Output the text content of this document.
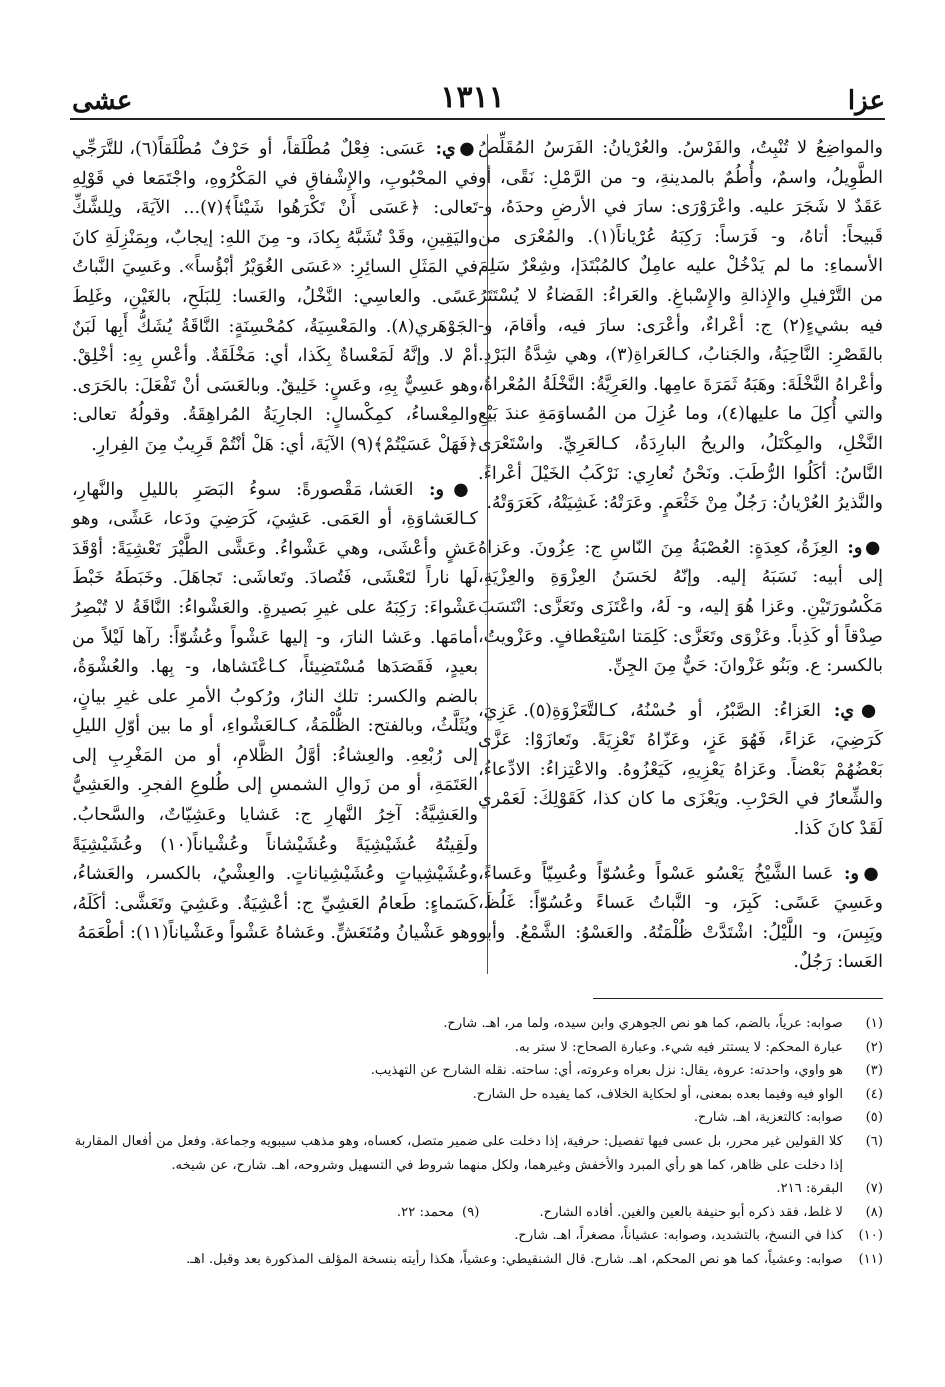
عزا
١٣١١
عشى

والمواضِعُ لا تُنْبِتُ، والفَرْسُ. والعُرْيانُ: الفَرَسُ المُقَلِّصُ الطَّوِيلُ، واسمٌ، وأُطُمٌ بالمدينةِ، و- من الرَّمْلِ: نَقًى، أو عَقَدٌ لا شَجَرَ عليه. واعْرَوْرَى: سارَ في الأرضِ وحدَهُ، و- قَبيحاً: أتاهُ، و- فَرَساً: رَكِبَهُ عُرْياناً(١). والمُعْرَى من الأسماءِ: ما لم يَدْخُلْ عليه عامِلٌ كالمُبْتَدَإ، وشِعْرٌ سَلِمَ من التَّرْفيلِ والإِذالةِ والإِسْباغِ. والعَراءُ: الفَضاءُ لا يُسْتَتَرُ فيه بشيءٍ(٢) ج: أعْراءٌ، وأعْرَى: سارَ فيه، وأقامَ، و- بالقَصْرِ: النَّاحِيَةُ، والجَنابُ، كـالعَراةِ(٣)، وهي شِدَّةُ البَرْدِ. وأعْراهُ النَّخْلَةَ: وهَبَهُ ثَمَرَةَ عامِها. والعَرِيَّةُ: النَّخْلَةُ المُعْراةُ، والتي أُكِلَ ما عليها(٤)، وما عُزِلَ من المُساوَمَةِ عندَ بَيْعِ النَّخْلِ، والمِكْتَلُ، والريحُ البارِدَةُ، كـالعَرِيِّ. واسْتَعْرَى النَّاسُ: أكَلُوا الرُّطَبَ. ونَحْنُ نُعارِي: نَرْكَبُ الخَيْلَ أعْراءً. والنَّذيرُ العُرْيانُ: رَجُلٌ مِنْ خَثْعَمٍ. وعَرَتْهُ: غَشِيَتْهُ، كَعَرَوَتْهُ.

●و: العِزَةُ، كعِدَةٍ: العُصْبَةُ مِنَ النّاسِ ج: عِزُونَ. وعَزاهُ إلى أبيه: نَسَبَهُ إليه. وإنّهُ لحَسَنُ العِزْوَةِ والعِزْيَةِ، مَكْسُورَتَيْنِ. وعَزا هُوَ إليه، و- لَهُ، واعْتَزَى وتَعَزَّى: انْتَسَبَ صِدْقاً أو كَذِباً. وعَزْوَى وتَعَزَّى: كَلِمَتا اسْتِعْطافٍ. وعَزْويتُ، بالكسر: ع. وبَنُو عَزْوانَ: حَيٌّ مِنَ الجِنِّ.

●ي: العَزاءُ: الصَّبْرُ، أو حُسْنُهُ، كـالتَّعَزْوَةِ(٥). عَزِيَ، كَرَضِيَ، عَزاءً، فَهُوَ عَزٍ، وعَزّاهُ تَعْزِيَةً. وتَعازَوْا: عَزَّى بَعْضُهُمْ بَعْضاً. وعَزاهُ يَعْزِيهِ، كَيَعْزُوهُ. والاعْتِزاءُ: الادِّعاءُ، والشِّعارُ في الحَرْبِ. ويَعْزَى ما كان كذا، كَقَوْلِكَ: لَعَمْري لَقَدْ كانَ كَذا.

●و: عَسا الشَّيْخُ يَعْسُو عَسْواً وعُسُوّاً وعُسِيّاً وعَساءً، وعَسِيَ عَسًى: كَبِرَ، و- النَّباتُ عَساءً وعُسُوّاً: غَلُظَ، ويَبِسَ، و- اللَّيْلُ: اشْتَدَّتْ ظُلْمَتُهُ. والعَسْوُ: الشَّمْعُ. وأبو العَسا: رَجُلٌ.

●ي: عَسَى: فِعْلٌ مُطْلَقاً، أو حَرْفٌ مُطْلَقاً(٦)، للتَّرَجِّي في المحْبُوبِ، والإِشْفاقِ في المَكْرُوهِ، واجْتَمَعا في قَوْلِهِ تَعالى: ﴿عَسَى أَنْ تَكْرَهُوا شَيْئاً﴾(٧)... الآيَةَ، ولِلشَّكِّ واليَقِينِ، وقَدْ تُشَبَّهُ بِكادَ، و- مِنَ اللهِ: إيجابٌ، وبِمَنْزِلَةِ كانَ في المَثَلِ السائِرِ: «عَسَى الغُوَيْرُ أبْؤُساً». وعَسِيَ النَّباتُ عَسًى. والعاسِي: النَّخْلُ، والعَسا: لِلبَلَحِ، بالغَيْنِ، وغَلِطَ الجَوْهَري(٨). والمَعْسِيَةُ، كمُحْسِنَةٍ: النَّاقَةُ يُشَكُّ أَبِها لَبَنٌ أمْ لا. وإنَّهُ لَمَعْساةٌ بِكَذا، أي: مَخْلَقَةٌ. وأعْسِ بِهِ: أخْلِقْ. وهو عَسِيٌّ بِهِ، وعَسٍ: خَلِيقٌ. وبالعَسَى أنْ تَفْعَلَ: بالحَرَى. والمِعْساءُ، كمِكْسالٍ: الجارِيَةُ المُراهِقَةُ. وقولُهُ تعالى: ﴿فَهَلْ عَسَيْتُمْ﴾(٩) الآيَةَ، أي: هَلْ أنْتُمْ قَرِيبٌ مِنَ الفِرارِ.

●و: العَشا، مَقْصورةً: سوءُ البَصَرِ بالليلِ والنَّهارِ، كـالعَشاوَةِ، أو العَمَى. عَشِيَ، كَرَضِيَ ودَعا، عَشًى، وهو عَشٍ وأعْشَى، وهي عَشْواءُ. وعَشَّى الطَّيْرَ تَعْشِيَةً: أوْقَدَ لَها ناراً لتَعْشَى، فَتُصادَ. وتَعاشَى: تَجاهَلَ. وخَبَطَهُ خَبْطَ عَشْواءَ: رَكِبَهُ على غيرِ بَصيرةٍ. والعَشْواءُ: النَّاقَةُ لا تُبْصِرُ أمامَها. وعَشا النارَ، و- إليها عَشْواً وعُشُوّاً: رآها لَيْلاً من بعيدٍ، فَقَصَدَها مُسْتَضِيئاً، كـاعْتَشاها، و- بِها. والعُشْوَةُ، بالضم والكسر: تلك النارُ، ورُكوبُ الأمرِ على غيرِ بيانٍ، ويُثَلَّثُ، وبالفتح: الظُّلْمَةُ، كـالعَشْواءِ، أو ما بين أوّلِ الليلِ إلى رُبْعِهِ. والعِشاءُ: أوَّلُ الظَّلامِ، أو من المَغْرِبِ إلى العَتَمَةِ، أو من زَوالِ الشمسِ إلى طُلوعِ الفجرِ. والعَشِيُّ والعَشِيَّةُ: آخِرُ النَّهارِ ج: عَشايا وعَشِيّاتٌ، والسَّحابُ. ولَقِيتُهُ عُشَيْشِيَةً وعُشَيْشاناً وعُشْياناً(١٠) وعُشَيْشِيَةً وعُشَيْشِياتٍ وعُشَيْشِياناتٍ. والعِشْيُ، بالكسر، والعَشاءُ، كَسَماءٍ: طَعامُ العَشِيِّ ج: أعْشِيَةٌ. وعَشِيَ وتَعَشَّى: أكَلَهُ، وهو عَشْيانُ ومُتَعَشٍّ. وعَشاهُ عَشْواً وعَشْياناً(١١): أطْعَمَهُ

(١)
صوابه: عرياً، بالضم، كما هو نص الجوهري وابن سيده، ولما مر، اهـ. شارح.
(٢)
عبارة المحكم: لا يستتر فيه شيء. وعبارة الصحاح: لا ستر به.
(٣)
هو واوي، واحدته: عروة، يقال: نزل بعراه وعروته، أي: ساحته. نقله الشارح عن التهذيب.
(٤)
الواو فيه وفيما بعده بمعنى، أو لحكاية الخلاف، كما يفيده حل الشارح.
(٥)
صوابه: كالتعزية، اهـ. شارح.
(٦)
كلا القولين غير محرر، بل عسى فيها تفصيل: حرفية، إذا دخلت على ضمير متصل، كعساه، وهو مذهب سيبويه وجماعة. وفعل من أفعال المقاربة إذا دخلت على ظاهر، كما هو رأي المبرد والأخفش وغيرهما، ولكل منهما شروط في التسهيل وشروحه، اهـ. شارح، عن شيخه.
(٧)
البقرة: ٢١٦.
(٨)
لا غلط، فقد ذكره أبو حنيفة بالعين والغين. أفاده الشارح.
(٩)
محمد: ٢٢.
(١٠)
كذا في النسخ، بالتشديد، وصوابه: عشياناً، مصغراً، اهـ. شارح.
(١١)
صوابه: وعشياً، كما هو نص المحكم، اهـ. شارح. قال الشنقيطي: وعشياً، هكذا رأيته بنسخة المؤلف المذكورة بعد وقبل. اهـ.
